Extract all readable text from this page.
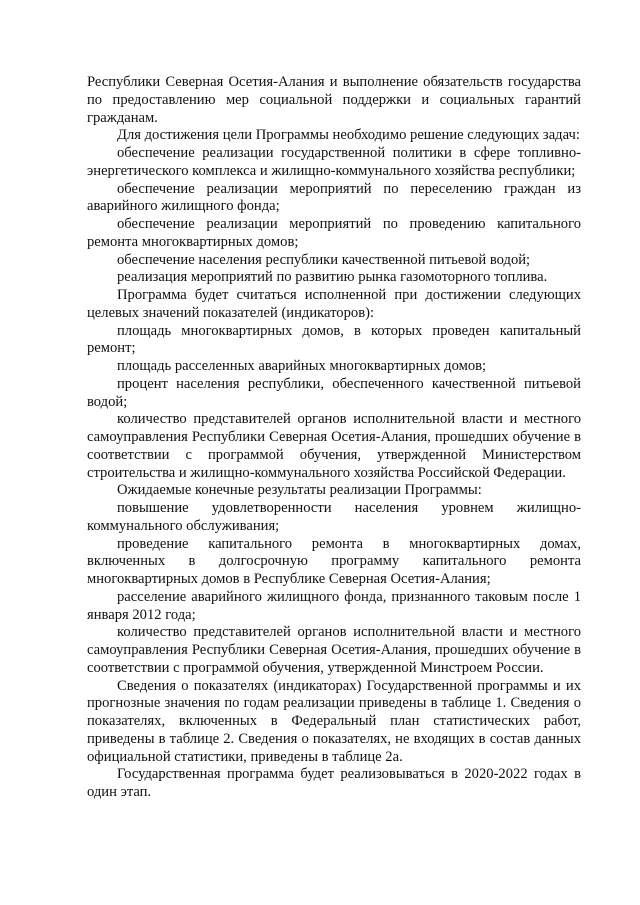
Республики Северная Осетия-Алания и выполнение обязательств государства по предоставлению мер социальной поддержки и социальных гарантий гражданам.

Для достижения цели Программы необходимо решение следующих задач:

обеспечение реализации государственной политики в сфере топливно-энергетического комплекса и жилищно-коммунального хозяйства республики;

обеспечение реализации мероприятий по переселению граждан из аварийного жилищного фонда;

обеспечение реализации мероприятий по проведению капитального ремонта многоквартирных домов;

обеспечение населения республики качественной питьевой водой;

реализация мероприятий по развитию рынка газомоторного топлива.

Программа будет считаться исполненной при достижении следующих целевых значений показателей (индикаторов):

площадь многоквартирных домов, в которых проведен капитальный ремонт;

площадь расселенных аварийных многоквартирных домов;

процент населения республики, обеспеченного качественной питьевой водой;

количество представителей органов исполнительной власти и местного самоуправления Республики Северная Осетия-Алания, прошедших обучение в соответствии с программой обучения, утвержденной Министерством строительства и жилищно-коммунального хозяйства Российской Федерации.

Ожидаемые конечные результаты реализации Программы:

повышение удовлетворенности населения уровнем жилищно-коммунального обслуживания;

проведение капитального ремонта в многоквартирных домах, включенных в долгосрочную программу капитального ремонта многоквартирных домов в Республике Северная Осетия-Алания;

расселение аварийного жилищного фонда, признанного таковым после 1 января 2012 года;

количество представителей органов исполнительной власти и местного самоуправления Республики Северная Осетия-Алания, прошедших обучение в соответствии с программой обучения, утвержденной Минстроем России.

Сведения о показателях (индикаторах) Государственной программы и их прогнозные значения по годам реализации приведены в таблице 1. Сведения о показателях, включенных в Федеральный план статистических работ, приведены в таблице 2. Сведения о показателях, не входящих в состав данных официальной статистики, приведены в таблице 2а.

Государственная программа будет реализовываться в 2020-2022 годах в один этап.
